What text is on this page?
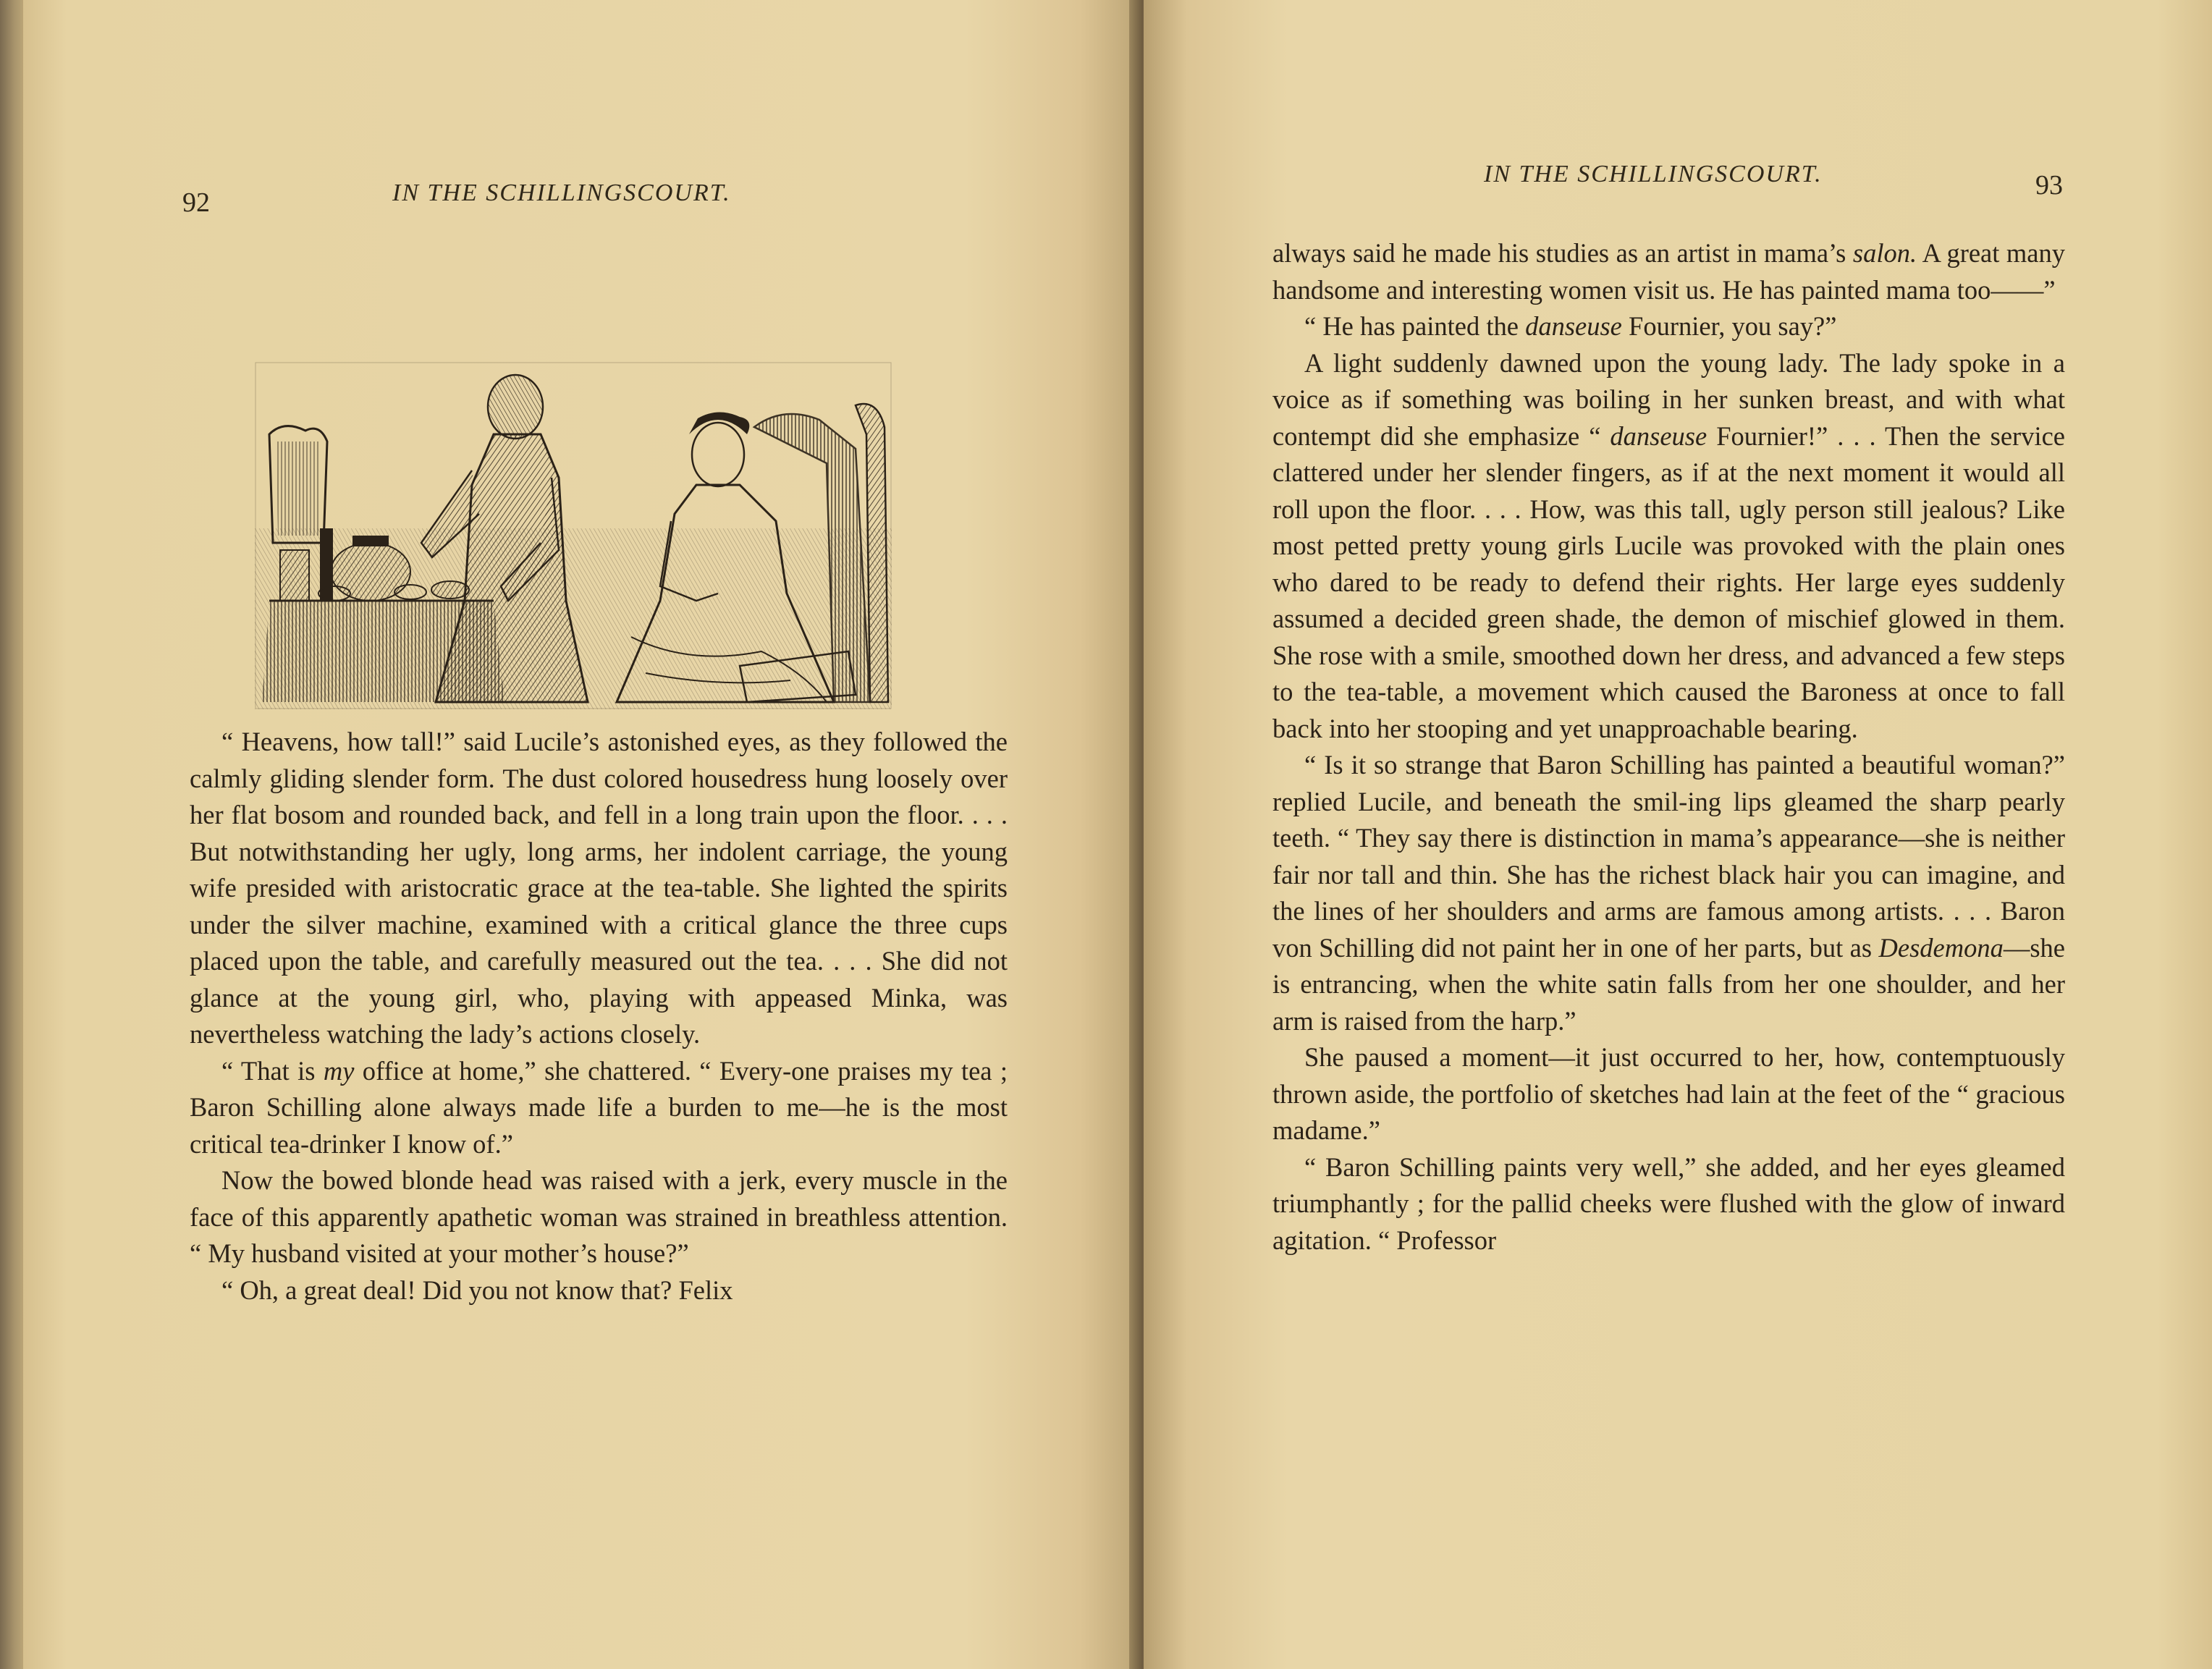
92	IN THE SCHILLINGSCOURT.

“ Heavens, how tall!” said Lucile’s astonished eyes, as they followed the calmly gliding slender form. The dust colored housedress hung loosely over her flat bosom and rounded back, and fell in a long train upon the floor. . . . But notwithstanding her ugly, long arms, her indolent carriage, the young wife presided with aristocratic grace at the tea-table. She lighted the spirits under the silver machine, examined with a critical glance the three cups placed upon the table, and carefully measured out the tea. . . . She did not glance at the young girl, who, playing with appeased Minka, was nevertheless watching the lady’s actions closely.

“ That is my office at home,” she chattered. “ Every-one praises my tea ; Baron Schilling alone always made life a burden to me—he is the most critical tea-drinker I know of.”

Now the bowed blonde head was raised with a jerk, every muscle in the face of this apparently apathetic woman was strained in breathless attention. “ My husband visited at your mother’s house?”

“ Oh, a great deal! Did you not know that? Felix

IN THE SCHILLINGSCOURT.	93

always said he made his studies as an artist in mama’s salon. A great many handsome and interesting women visit us. He has painted mama too——”

“ He has painted the danseuse Fournier, you say?”

A light suddenly dawned upon the young lady. The lady spoke in a voice as if something was boiling in her sunken breast, and with what contempt did she emphasize “ danseuse Fournier!” . . . Then the service clattered under her slender fingers, as if at the next moment it would all roll upon the floor. . . . How, was this tall, ugly person still jealous? Like most petted pretty young girls Lucile was provoked with the plain ones who dared to be ready to defend their rights. Her large eyes suddenly assumed a decided green shade, the demon of mischief glowed in them. She rose with a smile, smoothed down her dress, and advanced a few steps to the tea-table, a movement which caused the Baroness at once to fall back into her stooping and yet unapproachable bearing.

“ Is it so strange that Baron Schilling has painted a beautiful woman?” replied Lucile, and beneath the smil-ing lips gleamed the sharp pearly teeth. “ They say there is distinction in mama’s appearance—she is neither fair nor tall and thin. She has the richest black hair you can imagine, and the lines of her shoulders and arms are famous among artists. . . . Baron von Schilling did not paint her in one of her parts, but as Desdemona—she is entrancing, when the white satin falls from her one shoulder, and her arm is raised from the harp.”

She paused a moment—it just occurred to her, how, contemptuously thrown aside, the portfolio of sketches had lain at the feet of the “ gracious madame.”

“ Baron Schilling paints very well,” she added, and her eyes gleamed triumphantly ; for the pallid cheeks were flushed with the glow of inward agitation. “ Professor
